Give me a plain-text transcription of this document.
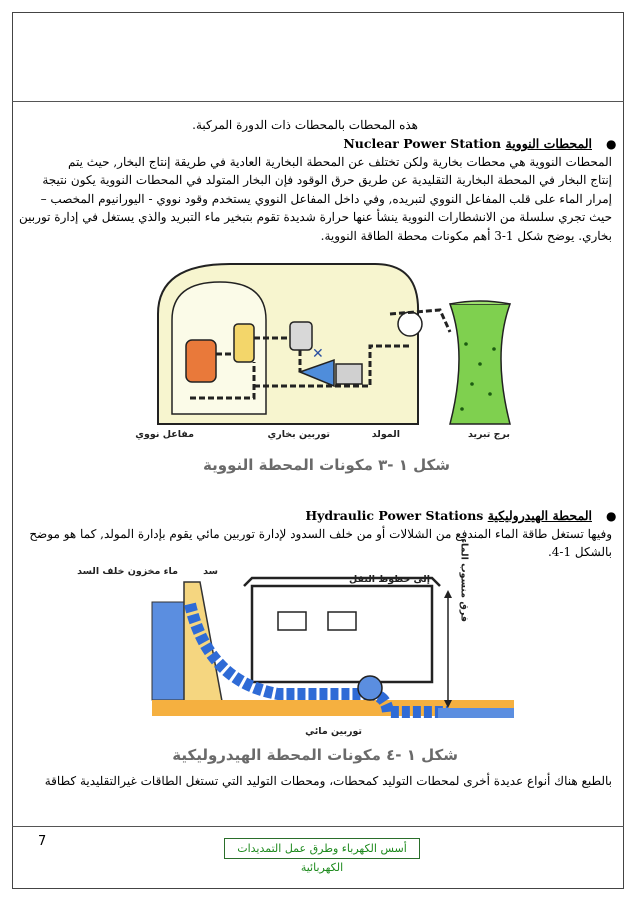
هذه المحطات بالمحطات ذات الدورة المركبة.
●
المحطات النووية Nuclear Power Station
المحطات النووية هي محطات بخارية ولكن تختلف عن المحطة البخارية العادية في طريقة إنتاج البخار, حيث يتم
إنتاج البخار في المحطة البخارية التقليدية عن طريق حرق الوقود فإن البخار المتولد في المحطات النووية يكون نتيجة
إمرار الماء على قلب المفاعل النووي لتبريده, وفي داخل المفاعل النووي يستخدم وقود نووي - اليورانيوم المخصب –
حيث تجري سلسلة من الانشطارات النووية ينشأ عنها حرارة شديدة تقوم بتبخير ماء التبريد والذي يستغل في إدارة توربين
بخاري. يوضح شكل 1-3 أهم مكونات محطة الطاقة النووية.
✕
مفاعل نووي	توربين بخاري	المولد	برج تبريد
شكل ١ -٣ مكونات المحطة النووية
●
المحطة الهيدروليكية Hydraulic Power Stations
وفيها تستغل طاقة الماء المندفع من الشلالات أو من خلف السدود لإدارة توربين مائي يقوم بإدارة المولد, كما هو موضح
بالشكل 1-4.
ماء مخزون خلف السد	سد
إلى خطوط النقل	فرق منسوب الماء
توربين مائي
شكل ١ -٤ مكونات المحطة الهيدروليكية
بالطبع هناك أنواع عديدة أخرى لمحطات التوليد كمحطات، ومحطات التوليد التي تستغل الطاقات غيرالتقليدية كطاقة
7	أسس الكهرباء وطرق عمل التمديدات الكهربائية
